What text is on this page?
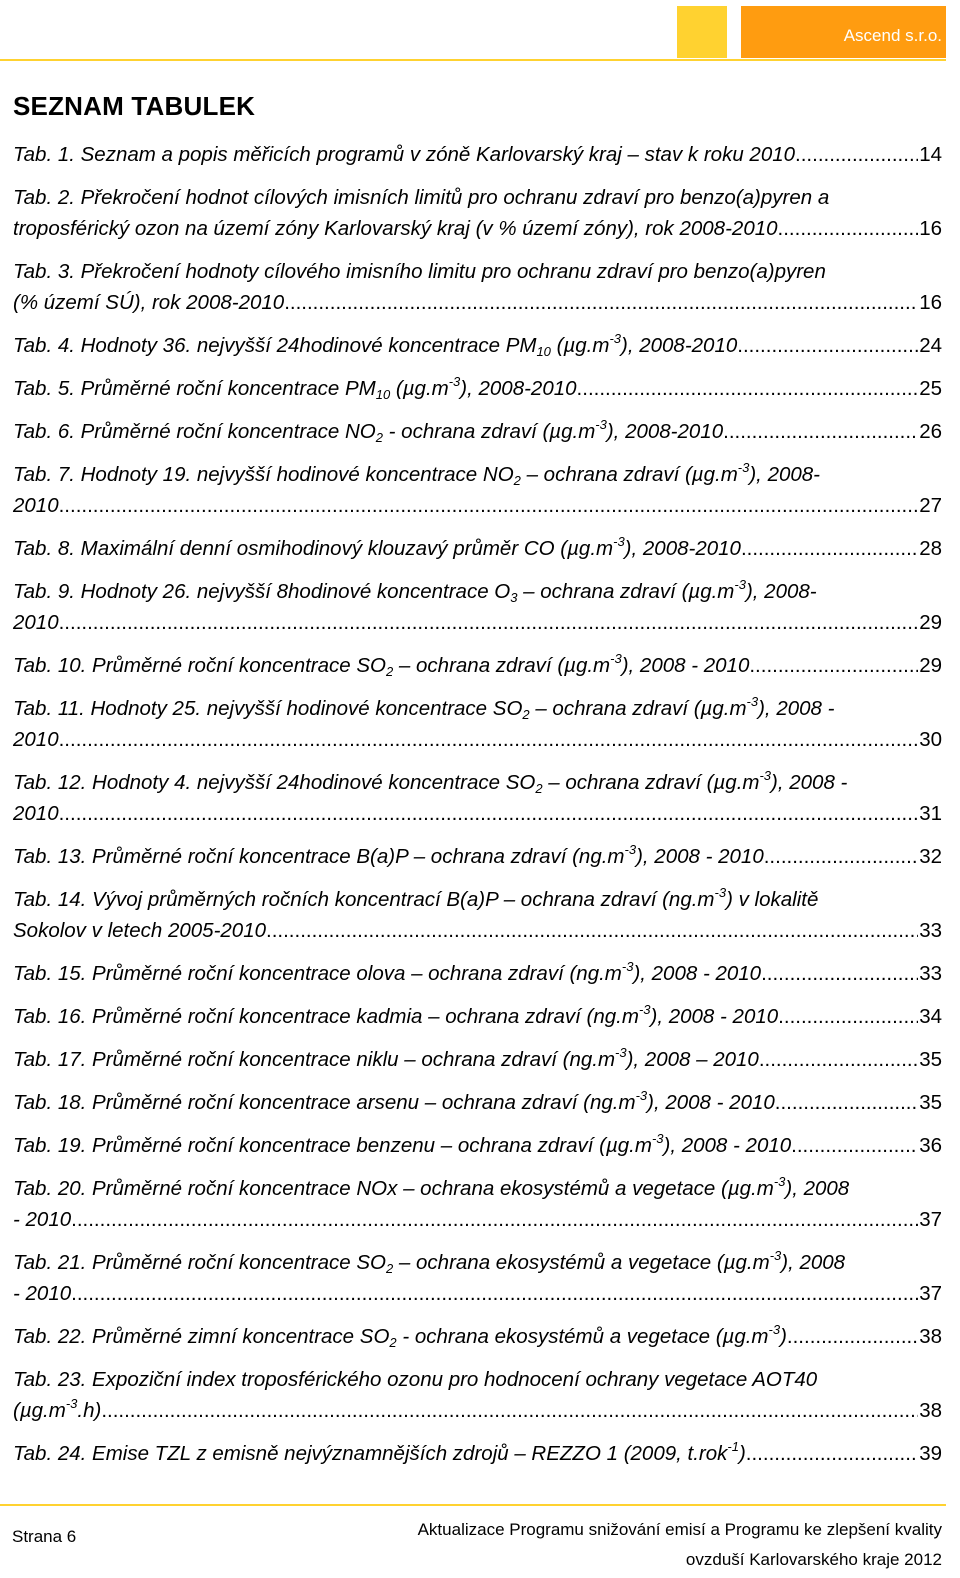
Ascend s.r.o.
SEZNAM TABULEK
Tab. 1. Seznam a popis měřicích programů v zóně Karlovarský kraj – stav k roku 2010 .....	14
Tab. 2. Překročení hodnot cílových imisních limitů pro ochranu zdraví pro benzo(a)pyren a
troposférický ozon na území zóny Karlovarský kraj (v % území zóny), rok 2008-2010 .....	16
Tab. 3. Překročení hodnoty cílového imisního limitu pro ochranu zdraví pro benzo(a)pyren
(% území SÚ), rok 2008-2010 .....	16
Tab. 4. Hodnoty 36. nejvyšší 24hodinové koncentrace $PM_{10}$ $(\mu g.m^{-3})$, 2008-2010 .....	24
Tab. 5. Průměrné roční koncentrace $PM_{10}$ $(\mu g.m^{-3})$, 2008-2010 .....	25
Tab. 6. Průměrné roční koncentrace $NO_2$ - ochrana zdraví $(\mu g.m^{-3})$, 2008-2010 .....	26
Tab. 7. Hodnoty 19. nejvyšší hodinové koncentrace $NO_2$ – ochrana zdraví $(\mu g.m^{-3})$, 2008-
2010 .....	27
Tab. 8. Maximální denní osmihodinový klouzavý průměr CO $(\mu g.m^{-3})$, 2008-2010 .....	28
Tab. 9. Hodnoty 26. nejvyšší 8hodinové koncentrace $O_3$ – ochrana zdraví $(\mu g.m^{-3})$, 2008-
2010 .....	29
Tab. 10. Průměrné roční koncentrace $SO_2$ – ochrana zdraví $(\mu g.m^{-3})$, 2008 - 2010 .....	29
Tab. 11. Hodnoty 25. nejvyšší hodinové koncentrace $SO_2$ – ochrana zdraví $(\mu g.m^{-3})$, 2008 -
2010 .....	30
Tab. 12. Hodnoty 4. nejvyšší 24hodinové koncentrace $SO_2$ – ochrana zdraví $(\mu g.m^{-3})$, 2008 -
2010 .....	31
Tab. 13. Průměrné roční koncentrace B(a)P – ochrana zdraví $(ng.m^{-3})$, 2008 - 2010 .....	32
Tab. 14. Vývoj průměrných ročních koncentrací B(a)P – ochrana zdraví $(ng.m^{-3})$ v lokalitě
Sokolov v letech 2005-2010 .....	33
Tab. 15. Průměrné roční koncentrace olova – ochrana zdraví $(ng.m^{-3})$, 2008 - 2010 .....	33
Tab. 16. Průměrné roční koncentrace kadmia – ochrana zdraví $(ng.m^{-3})$, 2008 - 2010 .....	34
Tab. 17. Průměrné roční koncentrace niklu – ochrana zdraví $(ng.m^{-3})$, 2008 – 2010 .....	35
Tab. 18. Průměrné roční koncentrace arsenu – ochrana zdraví $(ng.m^{-3})$, 2008 - 2010 .....	35
Tab. 19. Průměrné roční koncentrace benzenu – ochrana zdraví $(\mu g.m^{-3})$, 2008 - 2010 .....	36
Tab. 20. Průměrné roční koncentrace NOx – ochrana ekosystémů a vegetace $(\mu g.m^{-3})$, 2008
- 2010 .....	37
Tab. 21. Průměrné roční koncentrace $SO_2$ – ochrana ekosystémů a vegetace $(\mu g.m^{-3})$, 2008
- 2010 .....	37
Tab. 22. Průměrné zimní koncentrace $SO_2$ - ochrana ekosystémů a vegetace $(\mu g.m^{-3})$ .....	38
Tab. 23. Expoziční index troposférického ozonu pro hodnocení ochrany vegetace AOT40
$(\mu g.m^{-3}.h)$ .....	38
Tab. 24. Emise TZL z emisně nejvýznamnějších zdrojů – REZZO 1 (2009, t.rok$^{-1}$) .....	39
Strana 6	Aktualizace Programu snižování emisí a Programu ke zlepšení kvality
ovzduší Karlovarského kraje 2012
